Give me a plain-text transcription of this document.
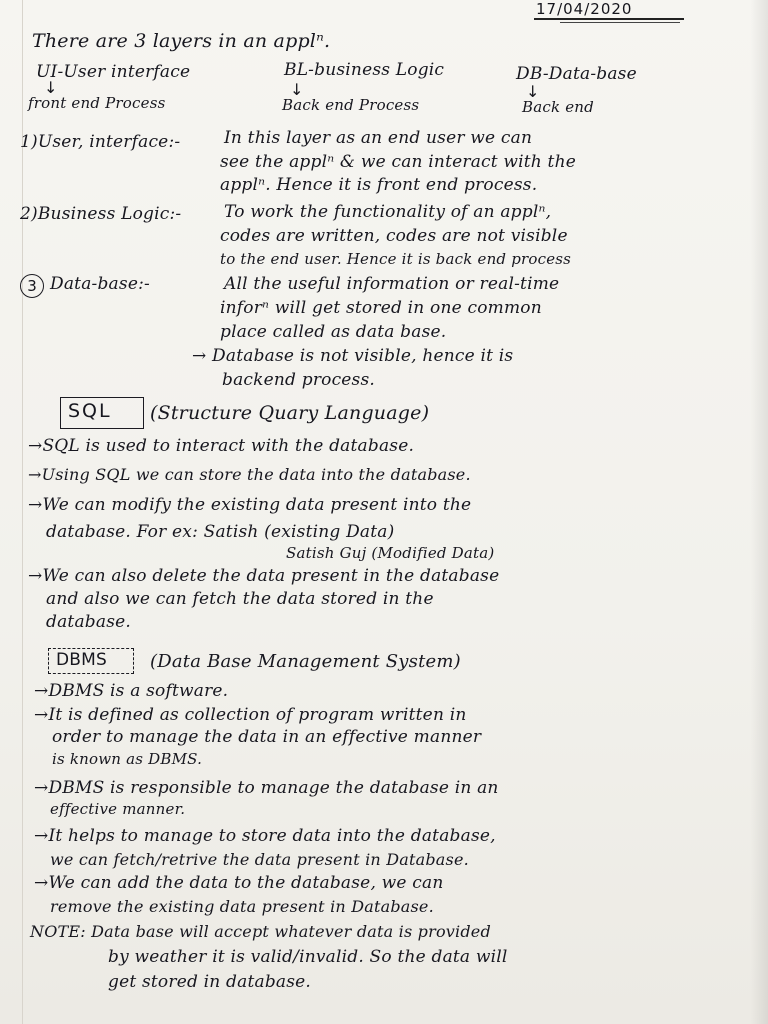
17/04/2020
There are 3 layers in an applⁿ.
UI-User interface
↓
front end Process
BL-business Logic
↓
Back end Process
DB-Data-base
↓
Back end
1)User, interface:-	In this layer as an end user we can
see the applⁿ & we can interact with the
applⁿ. Hence it is front end process.
2)Business Logic:-	To work the functionality of an applⁿ,
codes are written, codes are not visible
to the end user. Hence it is back end process
3 Data-base:-	All the useful information or real-time
inforⁿ will get stored in one common
place called as data base.
→ Database is not visible, hence it is
backend process.
SQL (Structure Quary Language)
→SQL is used to interact with the database.
→Using SQL we can store the data into the database.
→We can modify the existing data present into the
database. For ex: Satish (existing Data)
Satish Guj (Modified Data)
→We can also delete the data present in the database
and also we can fetch the data stored in the
database.
DBMS (Data Base Management System)
→DBMS is a software.
→It is defined as collection of program written in
order to manage the data in an effective manner
is known as DBMS.
→DBMS is responsible to manage the database in an
effective manner.
→It helps to manage to store data into the database,
we can fetch/retrive the data present in Database.
→We can add the data to the database, we can
remove the existing data present in Database.
NOTE: Data base will accept whatever data is provided
by weather it is valid/invalid. So the data will
get stored in database.
